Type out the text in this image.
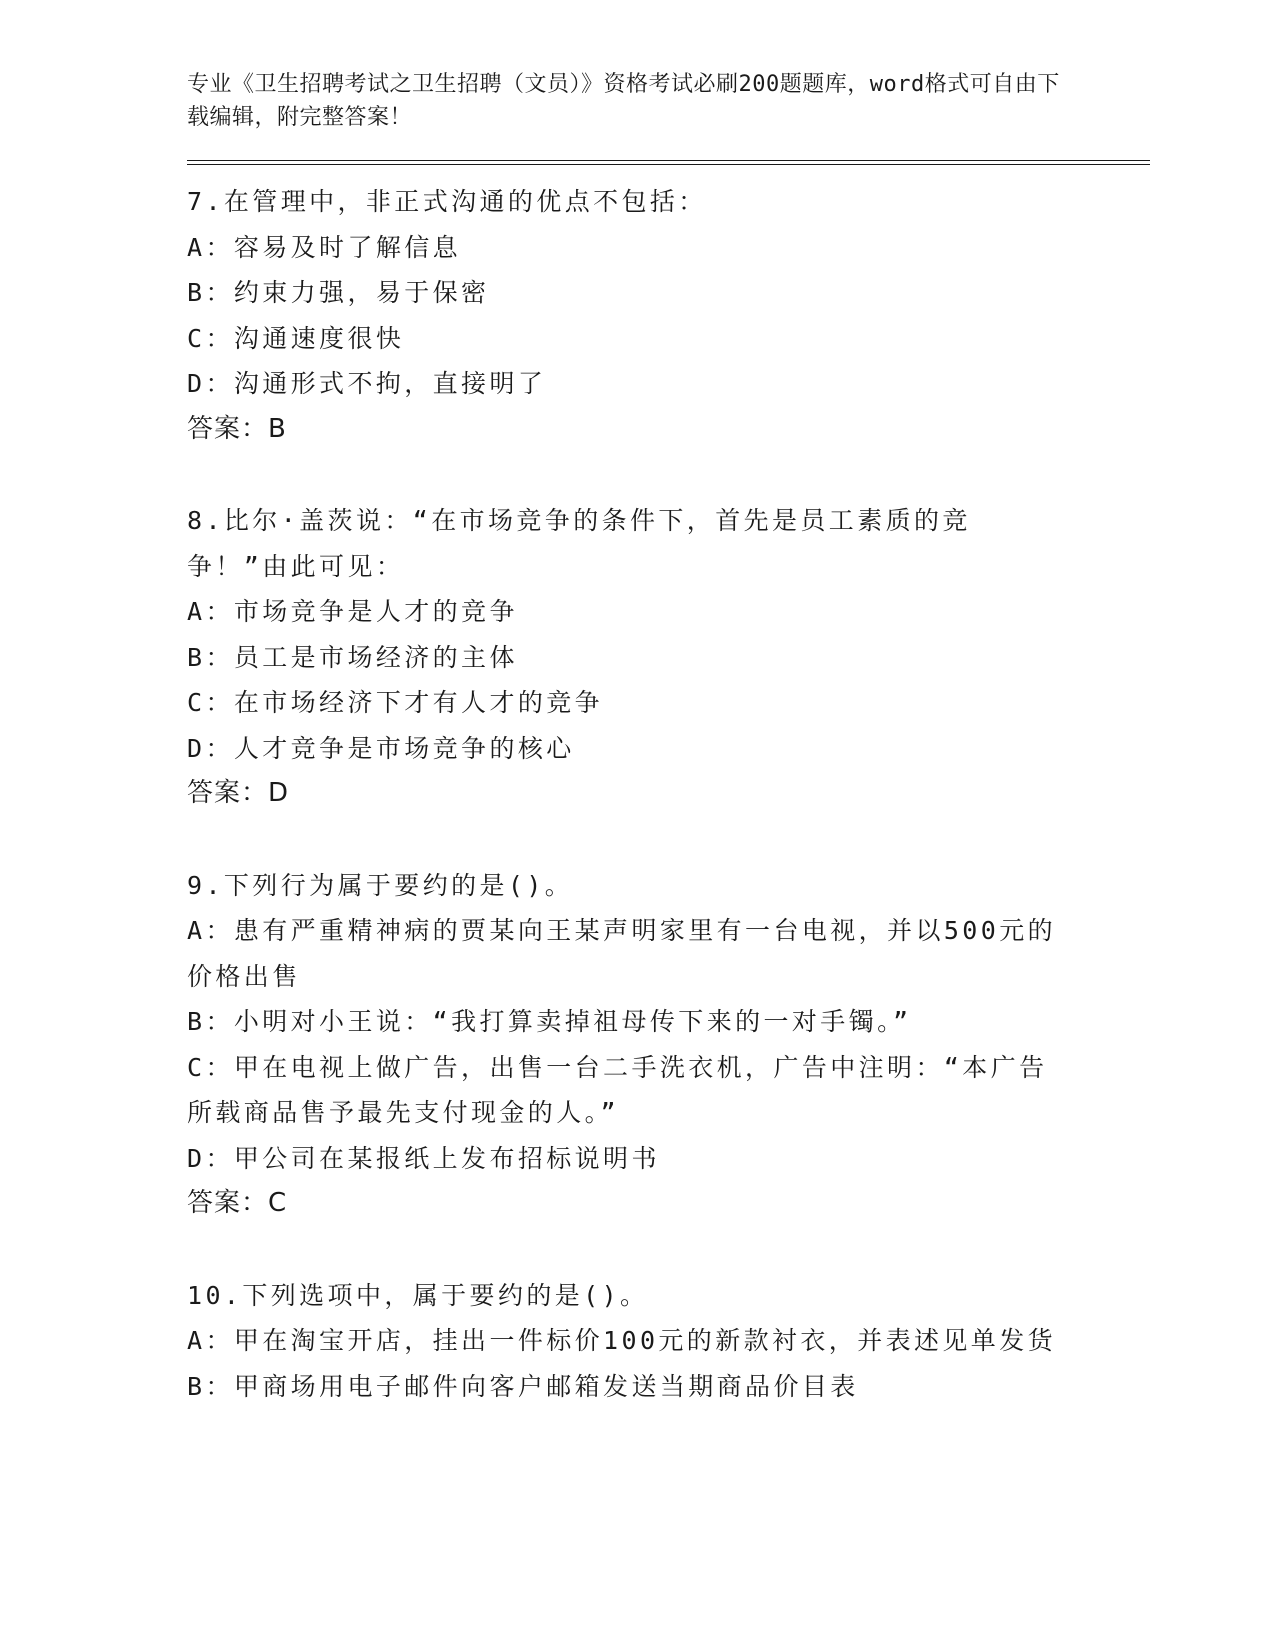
专业《卫生招聘考试之卫生招聘（文员）》资格考试必刷200题题库，word格式可自由下载编辑，附完整答案！
7.在管理中，非正式沟通的优点不包括：
A：容易及时了解信息
B：约束力强，易于保密
C：沟通速度很快
D：沟通形式不拘，直接明了
答案：B
8.比尔·盖茨说：“在市场竞争的条件下，首先是员工素质的竞争！”由此可见：
A：市场竞争是人才的竞争
B：员工是市场经济的主体
C：在市场经济下才有人才的竞争
D：人才竞争是市场竞争的核心
答案：D
9.下列行为属于要约的是()。
A：患有严重精神病的贾某向王某声明家里有一台电视，并以500元的价格出售
B：小明对小王说：“我打算卖掉祖母传下来的一对手镯。”
C：甲在电视上做广告，出售一台二手洗衣机，广告中注明：“本广告所载商品售予最先支付现金的人。”
D：甲公司在某报纸上发布招标说明书
答案：C
10.下列选项中，属于要约的是()。
A：甲在淘宝开店，挂出一件标价100元的新款衬衣，并表述见单发货
B：甲商场用电子邮件向客户邮箱发送当期商品价目表
